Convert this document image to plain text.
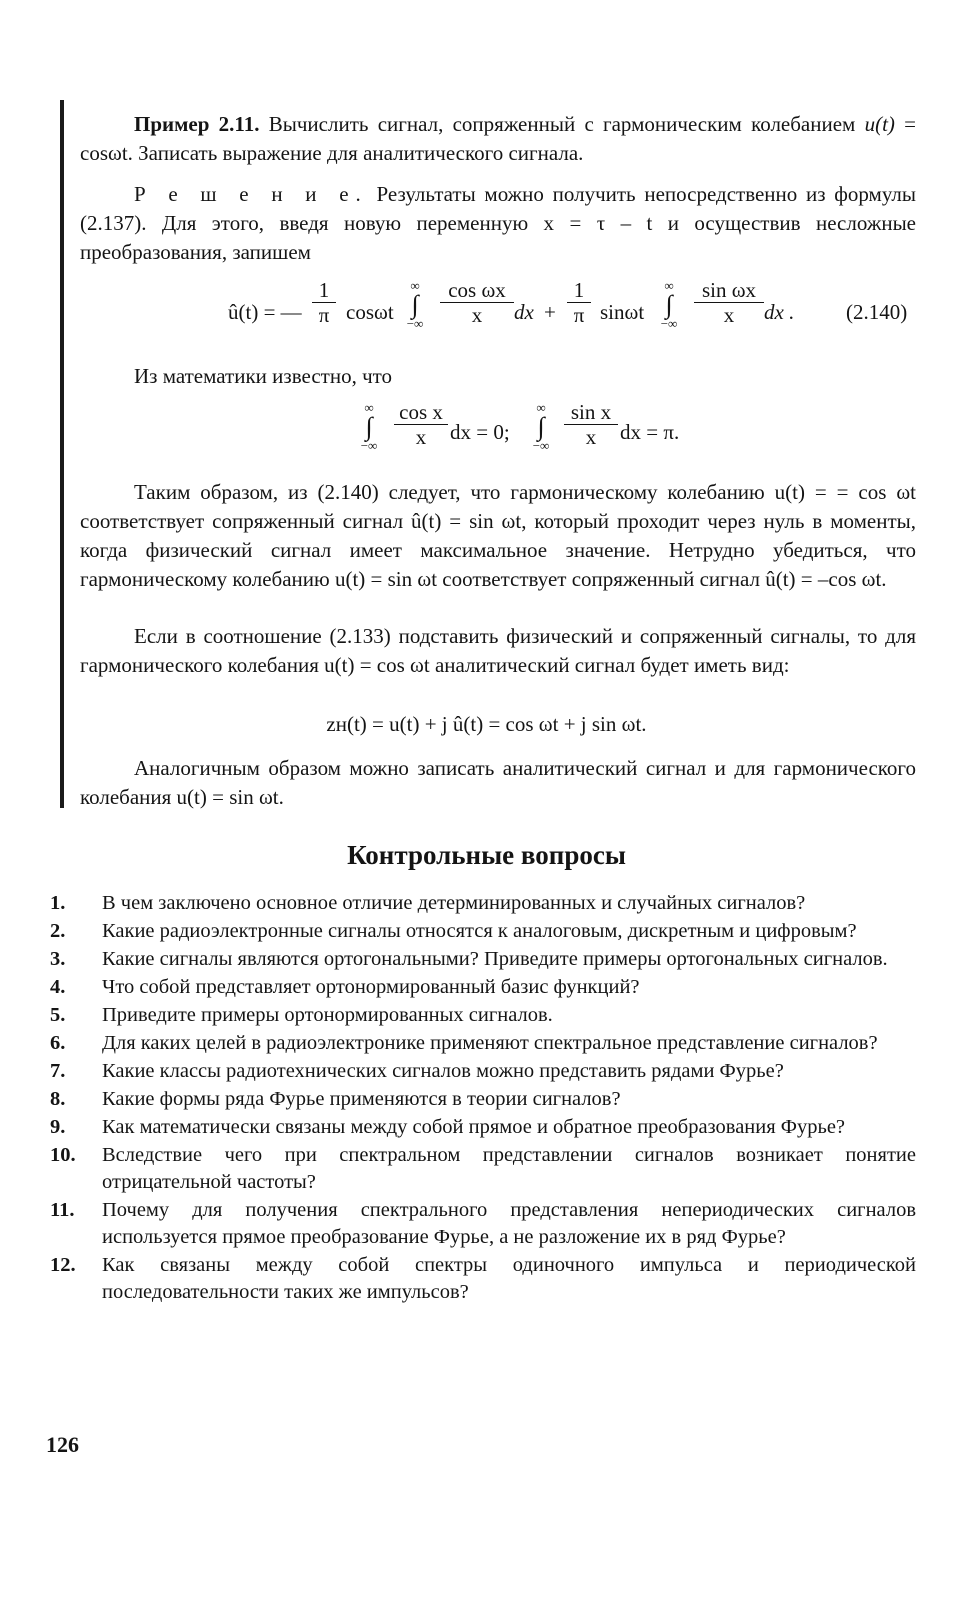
Пример 2.11. Вычислить сигнал, сопряженный с гармоническим колебанием u(t) = cosωt. Записать выражение для аналитического сигнала.

Р е ш е н и е. Результаты можно получить непосредственно из формулы (2.137). Для этого, введя новую переменную x = τ – t и осуществив несложные преобразования, запишем

û(t) = — $\frac{1}{\pi}$ cosωt
∞
∫
−∞ $\frac{\text{cos ωx}}{x}$ dx + $\frac{1}{\pi}$ sinωt
∞
∫
−∞ $\frac{\text{sin ωx}}{x}$ dx . (2.140)

Из математики известно, что

∞
∫
−∞ $\frac{\text{cos x}}{x}$ dx = 0;
∞
∫
−∞ $\frac{\text{sin x}}{x}$ dx = π.

Таким образом, из (2.140) следует, что гармоническому колебанию u(t) = = cos ωt соответствует сопряженный сигнал û(t) = sin ωt, который проходит через нуль в моменты, когда физический сигнал имеет максимальное значение. Нетрудно убедиться, что гармоническому колебанию u(t) = sin ωt соответствует сопряженный сигнал û(t) = –cos ωt.

Если в соотношение (2.133) подставить физический и сопряженный сигналы, то для гармонического колебания u(t) = cos ωt аналитический сигнал будет иметь вид:

zн(t) = u(t) + j û(t) = cos ωt + j sin ωt.

Аналогичным образом можно записать аналитический сигнал и для гармонического колебания u(t) = sin ωt.

Контрольные вопросы
1. В чем заключено основное отличие детерминированных и случайных сигналов?
2. Какие радиоэлектронные сигналы относятся к аналоговым, дискретным и цифровым?
3. Какие сигналы являются ортогональными? Приведите примеры ортогональных сигналов.
4. Что собой представляет ортонормированный базис функций?
5. Приведите примеры ортонормированных сигналов.
6. Для каких целей в радиоэлектронике применяют спектральное представление сигналов?
7. Какие классы радиотехнических сигналов можно представить рядами Фурье?
8. Какие формы ряда Фурье применяются в теории сигналов?
9. Как математически связаны между собой прямое и обратное преобразования Фурье?
10. Вследствие чего при спектральном представлении сигналов возникает понятие отрицательной частоты?
11. Почему для получения спектрального представления непериодических сигналов используется прямое преобразование Фурье, а не разложение их в ряд Фурье?
12. Как связаны между собой спектры одиночного импульса и периодической последовательности таких же импульсов?
126
